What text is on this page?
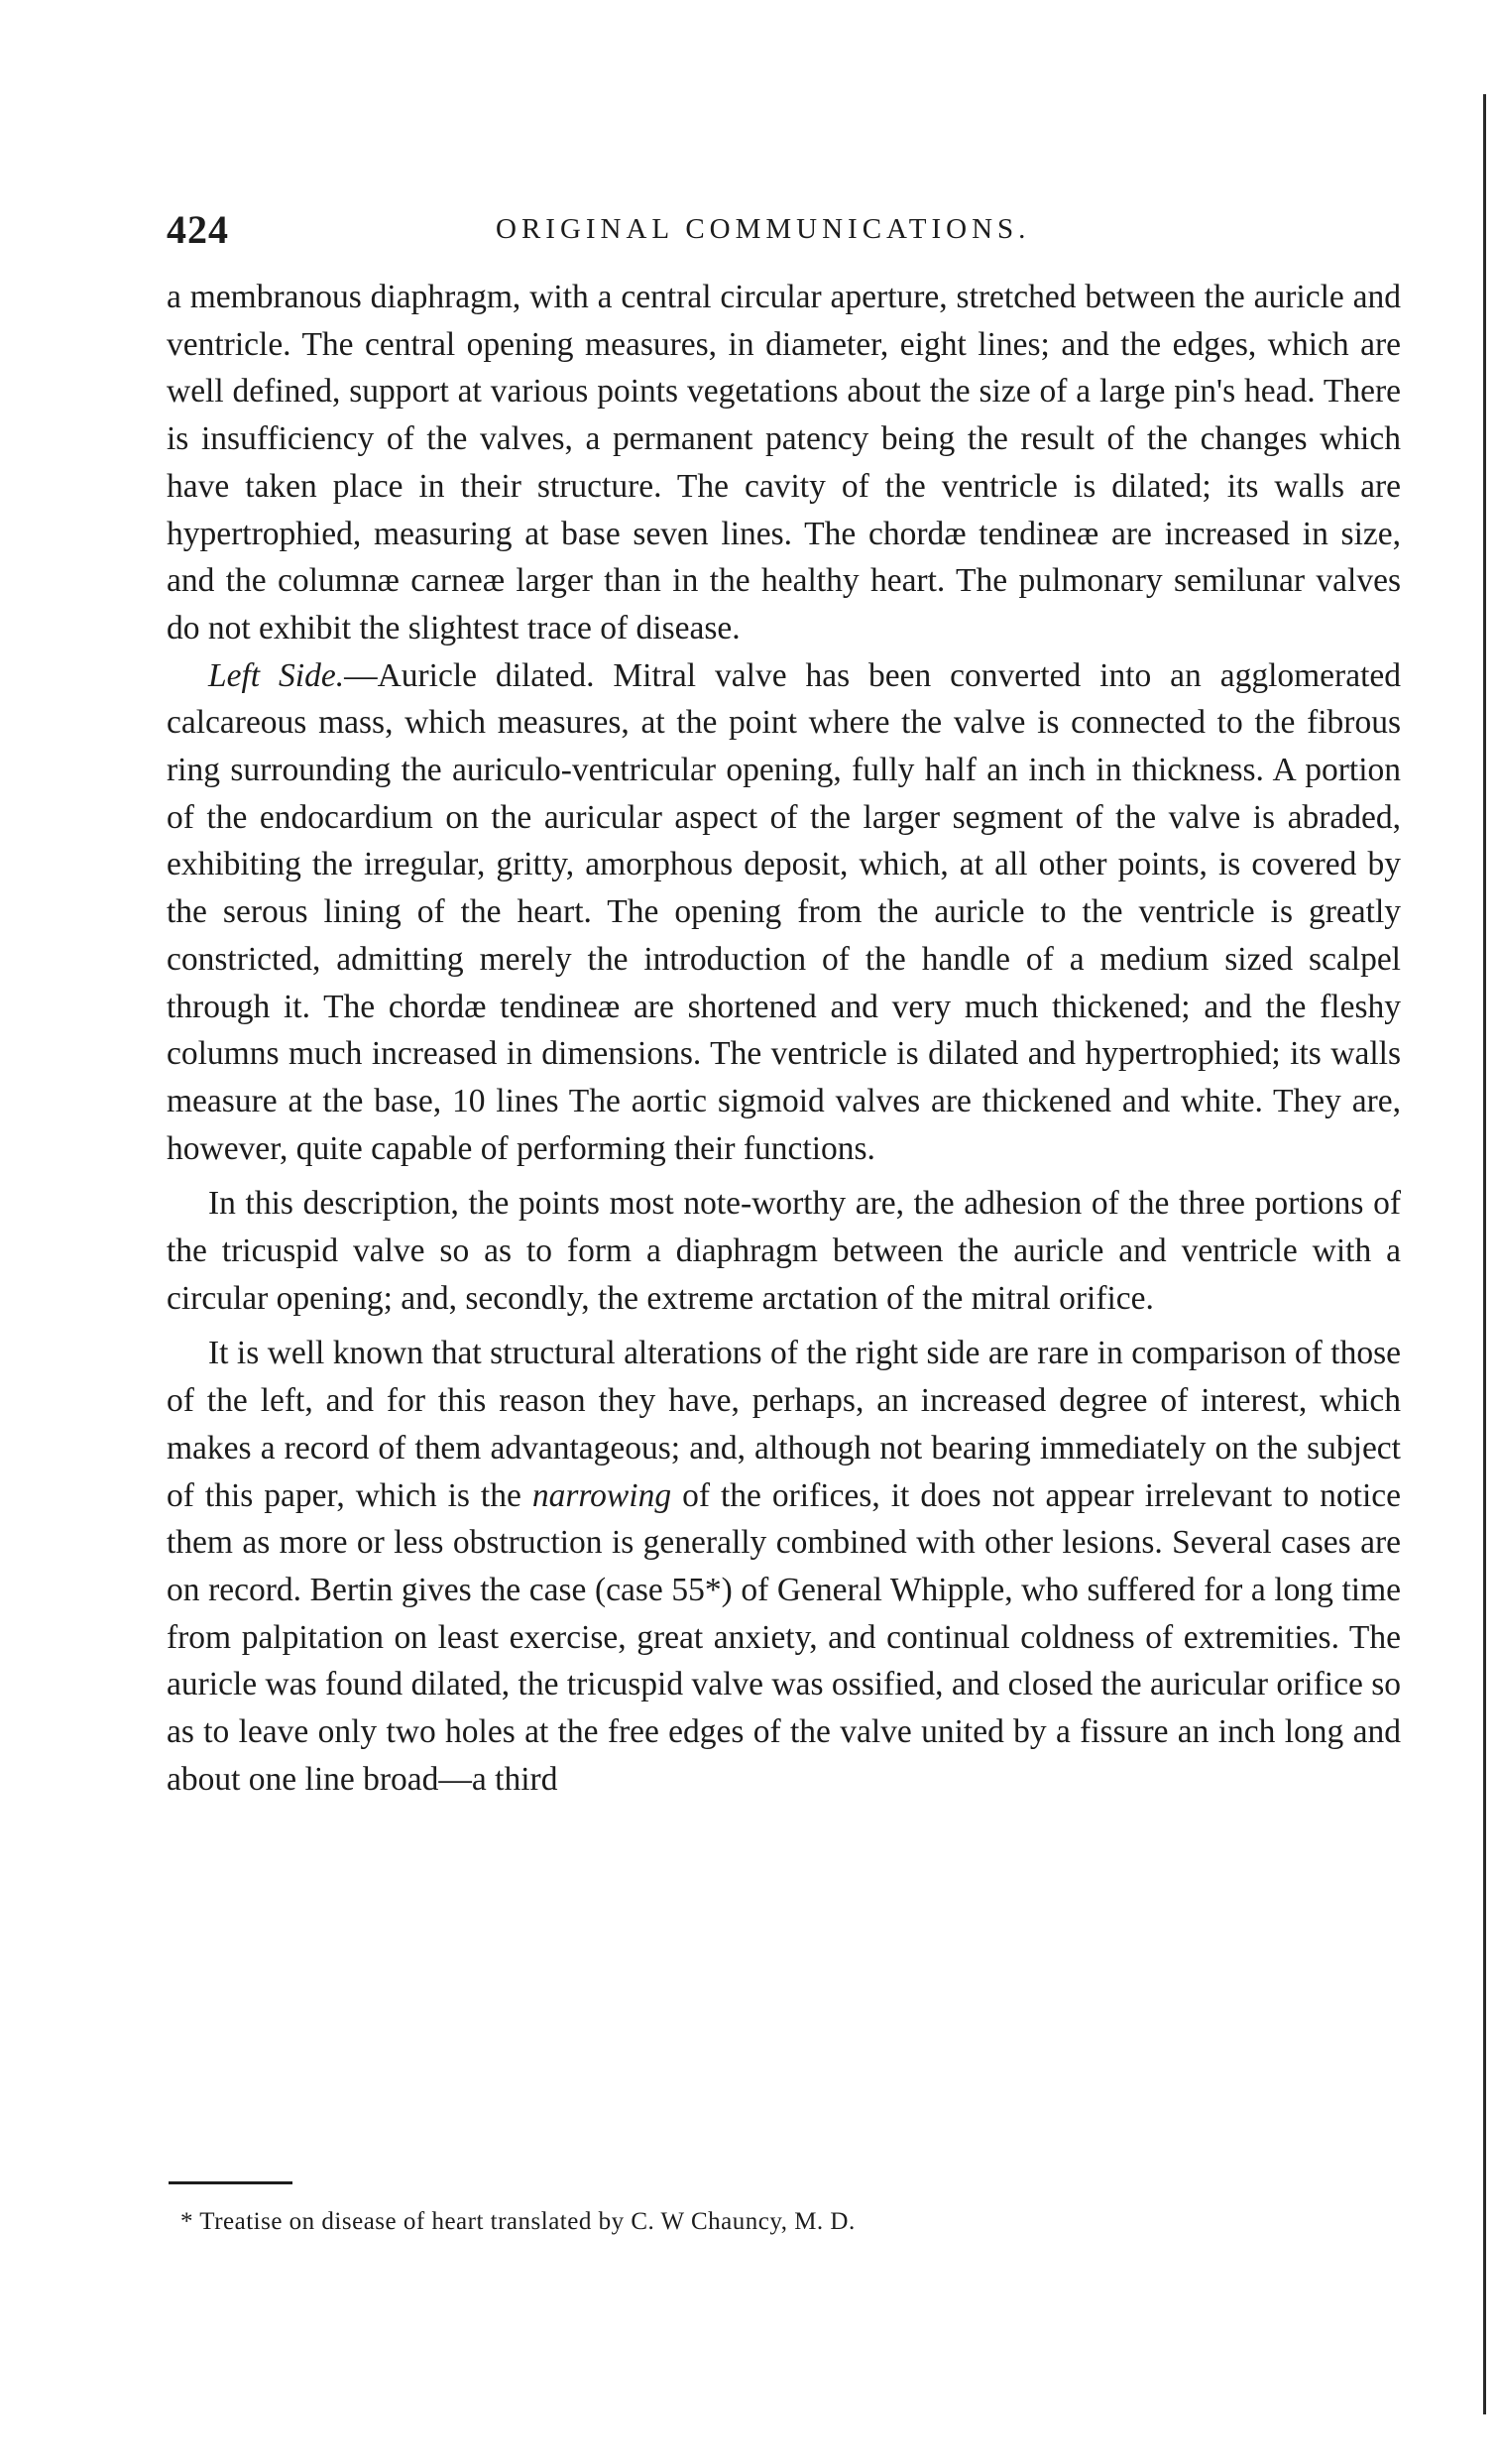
424	ORIGINAL COMMUNICATIONS.

a membranous diaphragm, with a central circular aperture, stretched between the auricle and ventricle. The central opening measures, in diameter, eight lines; and the edges, which are well defined, support at various points vegetations about the size of a large pin's head. There is insufficiency of the valves, a permanent patency being the result of the changes which have taken place in their structure. The cavity of the ventricle is dilated; its walls are hypertrophied, measuring at base seven lines. The chordæ tendineæ are increased in size, and the columnæ carneæ larger than in the healthy heart. The pulmonary semilunar valves do not exhibit the slightest trace of disease.

Left Side.—Auricle dilated. Mitral valve has been converted into an agglomerated calcareous mass, which measures, at the point where the valve is connected to the fibrous ring surrounding the auriculo-ventricular opening, fully half an inch in thickness. A portion of the endocardium on the auricular aspect of the larger segment of the valve is abraded, exhibiting the irregular, gritty, amorphous deposit, which, at all other points, is covered by the serous lining of the heart. The opening from the auricle to the ventricle is greatly constricted, admitting merely the introduction of the handle of a medium sized scalpel through it. The chordæ tendineæ are shortened and very much thickened; and the fleshy columns much increased in dimensions. The ventricle is dilated and hypertrophied; its walls measure at the base, 10 lines The aortic sigmoid valves are thickened and white. They are, however, quite capable of performing their functions.

In this description, the points most note-worthy are, the adhesion of the three portions of the tricuspid valve so as to form a diaphragm between the auricle and ventricle with a circular opening; and, secondly, the extreme arctation of the mitral orifice.

It is well known that structural alterations of the right side are rare in comparison of those of the left, and for this reason they have, perhaps, an increased degree of interest, which makes a record of them advantageous; and, although not bearing immediately on the subject of this paper, which is the narrowing of the orifices, it does not appear irrelevant to notice them as more or less obstruction is generally combined with other lesions. Several cases are on record. Bertin gives the case (case 55*) of General Whipple, who suffered for a long time from palpitation on least exercise, great anxiety, and continual coldness of extremities. The auricle was found dilated, the tricuspid valve was ossified, and closed the auricular orifice so as to leave only two holes at the free edges of the valve united by a fissure an inch long and about one line broad—a third

* Treatise on disease of heart translated by C. W Chauncy, M. D.
